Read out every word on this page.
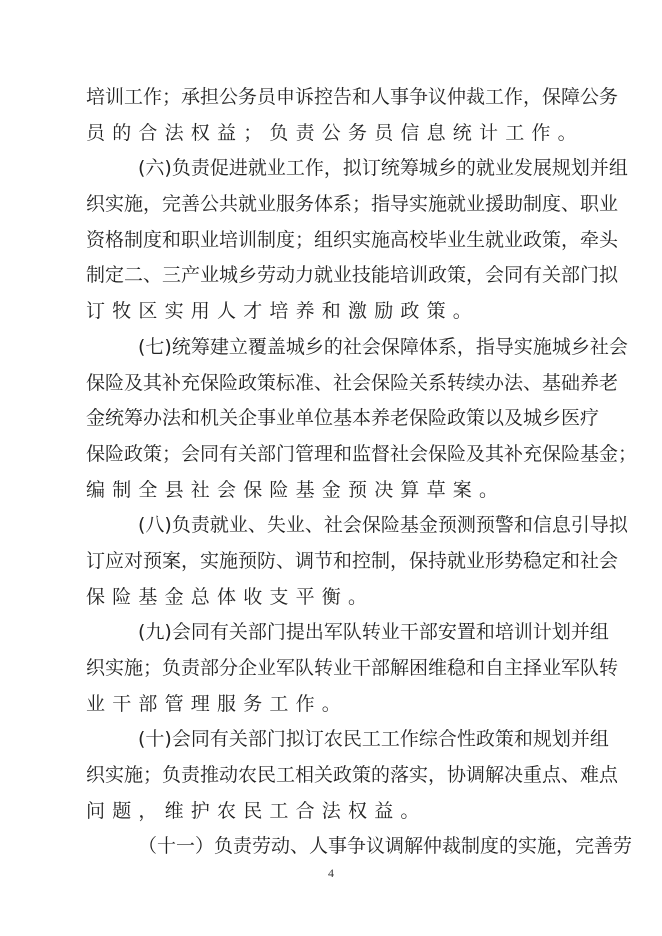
培训工作；承担公务员申诉控告和人事争议仲裁工作，保障公务
员的合法权益；负责公务员信息统计工作。
(六)负责促进就业工作，拟订统筹城乡的就业发展规划并组
织实施，完善公共就业服务体系；指导实施就业援助制度、职业
资格制度和职业培训制度；组织实施高校毕业生就业政策，牵头
制定二、三产业城乡劳动力就业技能培训政策，会同有关部门拟
订牧区实用人才培养和激励政策。
(七)统筹建立覆盖城乡的社会保障体系，指导实施城乡社会
保险及其补充保险政策标准、社会保险关系转续办法、基础养老
金统筹办法和机关企事业单位基本养老保险政策以及城乡医疗
保险政策；会同有关部门管理和监督社会保险及其补充保险基金；
编制全县社会保险基金预决算草案。
(八)负责就业、失业、社会保险基金预测预警和信息引导拟
订应对预案，实施预防、调节和控制，保持就业形势稳定和社会
保险基金总体收支平衡。
(九)会同有关部门提出军队转业干部安置和培训计划并组
织实施；负责部分企业军队转业干部解困维稳和自主择业军队转
业干部管理服务工作。
(十)会同有关部门拟订农民工工作综合性政策和规划并组
织实施；负责推动农民工相关政策的落实，协调解决重点、难点
问题，维护农民工合法权益。
（十一）负责劳动、人事争议调解仲裁制度的实施，完善劳
4
